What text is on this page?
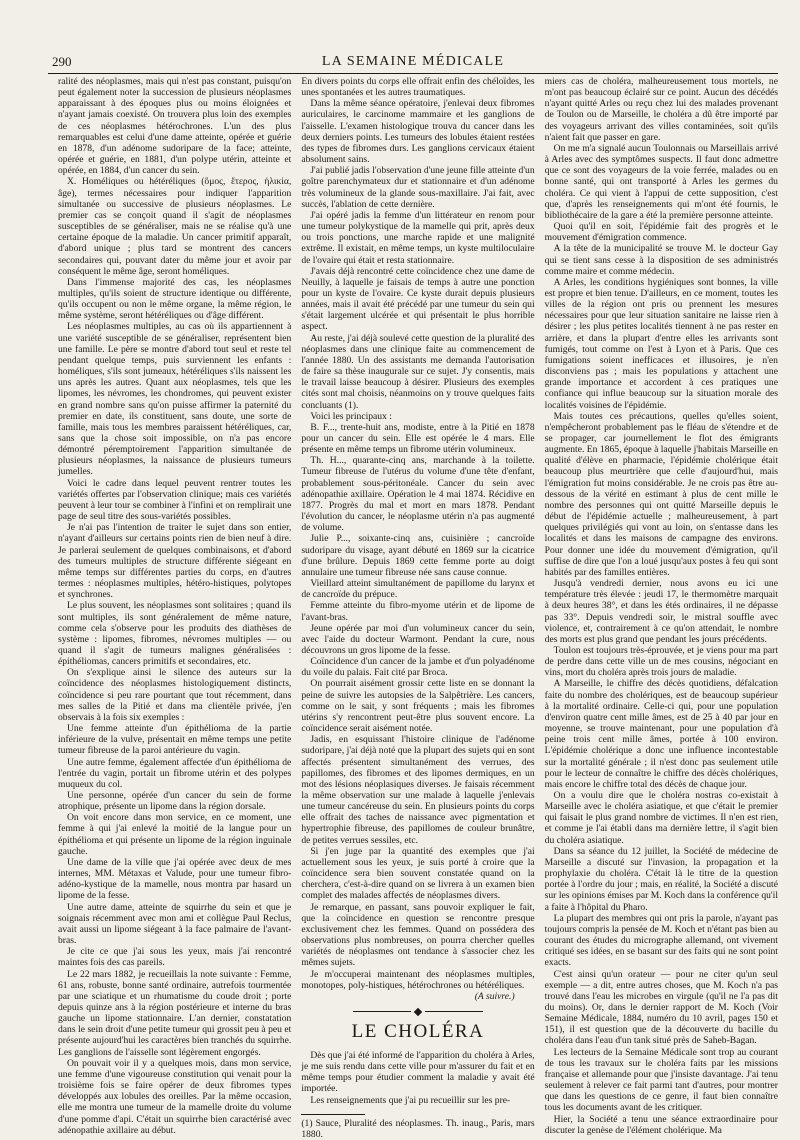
290	LA SEMAINE MÉDICALE

ralité des néoplasmes, mais qui n'est pas constant, puisqu'on peut également noter la succession de plusieurs néoplasmes apparaissant à des époques plus ou moins éloignées et n'ayant jamais coexisté. On trouvera plus loin des exemples de ces néoplasmes hétérochrones. L'un des plus remarquables est celui d'une dame atteinte, opérée et guérie en 1878, d'un adénome sudoripare de la face; atteinte, opérée et guérie, en 1881, d'un polype utérin, atteinte et opérée, en 1884, d'un cancer du sein.

X. Homéliques ou hétéréliques (ὅμος, ἕτερος, ἡλικία, âge), termes nécessaires pour indiquer l'apparition simultanée ou successive de plusieurs néoplasmes. Le premier cas se conçoit quand il s'agit de néoplasmes susceptibles de se généraliser, mais ne se réalise qu'à une certaine époque de la maladie. Un cancer primitif apparaît, d'abord unique ; plus tard se montrent des cancers secondaires qui, pouvant dater du même jour et avoir par conséquent le même âge, seront homéliques.

Dans l'immense majorité des cas, les néoplasmes multiples, qu'ils soient de structure identique ou différente, qu'ils occupent ou non le même organe, la même région, le même système, seront hétéréliques ou d'âge différent.

Les néoplasmes multiples, au cas où ils appartiennent à une variété susceptible de se généraliser, représentent bien une famille. Le père se montre d'abord tout seul et reste tel pendant quelque temps, puis surviennent les enfants : homéliques, s'ils sont jumeaux, hétéréliques s'ils naissent les uns après les autres. Quant aux néoplasmes, tels que les lipomes, les névromes, les chondromes, qui peuvent exister en grand nombre sans qu'on puisse affirmer la paternité du premier en date, ils constituent, sans doute, une sorte de famille, mais tous les membres paraissent hétéréliques, car, sans que la chose soit impossible, on n'a pas encore démontré péremptoirement l'apparition simultanée de plusieurs néoplasmes, la naissance de plusieurs tumeurs jumelles.

Voici le cadre dans lequel peuvent rentrer toutes les variétés offertes par l'observation clinique; mais ces variétés peuvent à leur tour se combiner à l'infini et on remplirait une page de seul titre des sous-variétés possibles.

Je n'ai pas l'intention de traiter le sujet dans son entier, n'ayant d'ailleurs sur certains points rien de bien neuf à dire. Je parlerai seulement de quelques combinaisons, et d'abord des tumeurs multiples de structure différente siégeant en même temps sur différentes parties du corps, en d'autres termes : néoplasmes multiples, hétéro-histiques, polytopes et synchrones.

Le plus souvent, les néoplasmes sont solitaires ; quand ils sont multiples, ils sont généralement de même nature, comme cela s'observe pour les produits des diathèses de système : lipomes, fibromes, névromes multiples — ou quand il s'agit de tumeurs malignes généralisées : épithéliomas, cancers primitifs et secondaires, etc.

On s'explique ainsi le silence des auteurs sur la coïncidence des néoplasmes histologiquement distincts, coïncidence si peu rare pourtant que tout récemment, dans mes salles de la Pitié et dans ma clientèle privée, j'en observais à la fois six exemples :

Une femme atteinte d'un épithélioma de la partie inférieure de la vulve, présentait en même temps une petite tumeur fibreuse de la paroi antérieure du vagin.

Une autre femme, également affectée d'un épithélioma de l'entrée du vagin, portait un fibrome utérin et des polypes muqueux du col.

Une personne, opérée d'un cancer du sein de forme atrophique, présente un lipome dans la région dorsale.

On voit encore dans mon service, en ce moment, une femme à qui j'ai enlevé la moitié de la langue pour un épithélioma et qui présente un lipome de la région inguinale gauche.

Une dame de la ville que j'ai opérée avec deux de mes internes, MM. Métaxas et Valude, pour une tumeur fibro-adéno-kystique de la mamelle, nous montra par hasard un lipome de la fesse.

Une autre dame, atteinte de squirrhe du sein et que je soignais récemment avec mon ami et collègue Paul Reclus, avait aussi un lipome siégeant à la face palmaire de l'avant-bras.

Je cite ce que j'ai sous les yeux, mais j'ai rencontré maintes fois des cas pareils.

Le 22 mars 1882, je recueillais la note suivante : Femme, 61 ans, robuste, bonne santé ordinaire, autrefois tourmentée par une sciatique et un rhumatisme du coude droit ; porte depuis quinze ans à la région postérieure et interne du bras gauche un lipome stationnaire. L'an dernier, constatation dans le sein droit d'une petite tumeur qui grossit peu à peu et présente aujourd'hui les caractères bien tranchés du squirrhe. Les ganglions de l'aisselle sont légèrement engorgés.

On pouvait voir il y a quelques mois, dans mon service, une femme d'une vigoureuse constitution qui venait pour la troisième fois se faire opérer de deux fibromes types développés aux lobules des oreilles. Par la même occasion, elle me montra une tumeur de la mamelle droite du volume d'une pomme d'api. C'était un squirrhe bien caractérisé avec adénopathie axillaire au début.

En divers points du corps elle offrait enfin des chéloïdes, les unes spontanées et les autres traumatiques.

Dans la même séance opératoire, j'enlevai deux fibromes auriculaires, le carcinome mammaire et les ganglions de l'aisselle. L'examen histologique trouva du cancer dans les deux derniers points. Les tumeurs des lobules étaient restées des types de fibromes durs. Les ganglions cervicaux étaient absolument sains.

J'ai publié jadis l'observation d'une jeune fille atteinte d'un goître parenchymateux dur et stationnaire et d'un adénome très volumineux de la glande sous-maxillaire. J'ai fait, avec succès, l'ablation de cette dernière.

J'ai opéré jadis la femme d'un littérateur en renom pour une tumeur polykystique de la mamelle qui prit, après deux ou trois ponctions, une marche rapide et une malignité extrême. Il existait, en même temps, un kyste multiloculaire de l'ovaire qui était et resta stationnaire.

J'avais déjà rencontré cette coïncidence chez une dame de Neuilly, à laquelle je faisais de temps à autre une ponction pour un kyste de l'ovaire. Ce kyste durait depuis plusieurs années, mais il avait été précédé par une tumeur du sein qui s'était largement ulcérée et qui présentait le plus horrible aspect.

Au reste, j'ai déjà soulevé cette question de la pluralité des néoplasmes dans une clinique faite au commencement de l'année 1880. Un des assistants me demanda l'autorisation de faire sa thèse inaugurale sur ce sujet. J'y consentis, mais le travail laisse beaucoup à désirer. Plusieurs des exemples cités sont mal choisis, néanmoins on y trouve quelques faits concluants (1).

Voici les principaux :

B. F..., trente-huit ans, modiste, entre à la Pitié en 1878 pour un cancer du sein. Elle est opérée le 4 mars. Elle présente en même temps un fibrome utérin volumineux.

Th. H..., quarante-cinq ans, marchande à la toilette. Tumeur fibreuse de l'utérus du volume d'une tête d'enfant, probablement sous-péritonéale. Cancer du sein avec adénopathie axillaire. Opération le 4 mai 1874. Récidive en 1877. Progrès du mal et mort en mars 1878. Pendant l'évolution du cancer, le néoplasme utérin n'a pas augmenté de volume.

Julie P..., soixante-cinq ans, cuisinière ; cancroïde sudoripare du visage, ayant débuté en 1869 sur la cicatrice d'une brûlure. Depuis 1869 cette femme porte au doigt annulaire une tumeur fibreuse née sans cause connue.

Vieillard atteint simultanément de papillome du larynx et de cancroïde du prépuce.

Femme atteinte du fibro-myome utérin et de lipome de l'avant-bras.

Jeune opérée par moi d'un volumineux cancer du sein, avec l'aide du docteur Warmont. Pendant la cure, nous découvrons un gros lipome de la fesse.

Coïncidence d'un cancer de la jambe et d'un polyadénome du voile du palais. Fait cité par Broca.

On pourrait aisément grossir cette liste en se donnant la peine de suivre les autopsies de la Salpêtrière. Les cancers, comme on le sait, y sont fréquents ; mais les fibromes utérins s'y rencontrent peut-être plus souvent encore. La coïncidence serait aisément notée.

Jadis, en esquissant l'histoire clinique de l'adénome sudoripare, j'ai déjà noté que la plupart des sujets qui en sont affectés présentent simultanément des verrues, des papillomes, des fibromes et des lipomes dermiques, en un mot des lésions néoplasiques diverses. Je faisais récemment la même observation sur une malade à laquelle j'enlevais une tumeur cancéreuse du sein. En plusieurs points du corps elle offrait des taches de naissance avec pigmentation et hypertrophie fibreuse, des papillomes de couleur brunâtre, de petites verrues sessiles, etc.

Si j'en juge par la quantité des exemples que j'ai actuellement sous les yeux, je suis porté à croire que la coïncidence sera bien souvent constatée quand on la cherchera, c'est-à-dire quand on se livrera à un examen bien complet des malades affectés de néoplasmes divers.

Je remarque, en passant, sans pouvoir expliquer le fait, que la coïncidence en question se rencontre presque exclusivement chez les femmes. Quand on possédera des observations plus nombreuses, on pourra chercher quelles variétés de néoplasmes ont tendance à s'associer chez les mêmes sujets.

Je m'occuperai maintenant des néoplasmes multiples, monotopes, poly-histiques, hétérochrones ou hétéréliques.

(A suivre.)

LE CHOLÉRA

Dès que j'ai été informé de l'apparition du choléra à Arles, je me suis rendu dans cette ville pour m'assurer du fait et en même temps pour étudier comment la maladie y avait été importée.

Les renseignements que j'ai pu recueillir sur les pre-

(1) Sauce, Pluralité des néoplasmes. Th. inaug., Paris, mars 1880.

miers cas de choléra, malheureusement tous mortels, ne m'ont pas beaucoup éclairé sur ce point. Aucun des décédés n'ayant quitté Arles ou reçu chez lui des malades provenant de Toulon ou de Marseille, le choléra a dû être importé par des voyageurs arrivant des villes contaminées, soit qu'ils n'aient fait que passer en gare.

On me m'a signalé aucun Toulonnais ou Marseillais arrivé à Arles avec des symptômes suspects. Il faut donc admettre que ce sont des voyageurs de la voie ferrée, malades ou en bonne santé, qui ont transporté à Arles les germes du choléra. Ce qui vient à l'appui de cette supposition, c'est que, d'après les renseignements qui m'ont été fournis, le bibliothécaire de la gare a été la première personne atteinte.

Quoi qu'il en soit, l'épidémie fait des progrès et le mouvement d'émigration commence.

A la tête de la municipalité se trouve M. le docteur Gay qui se tient sans cesse à la disposition de ses administrés comme maire et comme médecin.

A Arles, les conditions hygiéniques sont bonnes, la ville est propre et bien tenue. D'ailleurs, en ce moment, toutes les villes de la région ont pris ou prennent les mesures nécessaires pour que leur situation sanitaire ne laisse rien à désirer ; les plus petites localités tiennent à ne pas rester en arrière, et dans la plupart d'entre elles les arrivants sont fumigés, tout comme on l'est à Lyon et à Paris. Que ces fumigations soient inefficaces et illusoires, je n'en disconviens pas ; mais les populations y attachent une grande importance et accordent à ces pratiques une confiance qui influe beaucoup sur la situation morale des localités voisines de l'épidémie.

Mais toutes ces précautions, quelles qu'elles soient, n'empêcheront probablement pas le fléau de s'étendre et de se propager, car journellement le flot des émigrants augmente. En 1865, époque à laquelle j'habitais Marseille en qualité d'élève en pharmacie, l'épidémie cholérique était beaucoup plus meurtrière que celle d'aujourd'hui, mais l'émigration fut moins considérable. Je ne crois pas être au-dessous de la vérité en estimant à plus de cent mille le nombre des personnes qui ont quitté Marseille depuis le début de l'épidémie actuelle ; malheureusement, à part quelques privilégiés qui vont au loin, on s'entasse dans les localités et dans les maisons de campagne des environs. Pour donner une idée du mouvement d'émigration, qu'il suffise de dire que l'on a loué jusqu'aux postes à feu qui sont habités par des familles entières.

Jusqu'à vendredi dernier, nous avons eu ici une température très élevée : jeudi 17, le thermomètre marquait à deux heures 38°, et dans les étés ordinaires, il ne dépasse pas 33°. Depuis vendredi soir, le mistral souffle avec violence, et, contrairement à ce qu'on attendait, le nombre des morts est plus grand que pendant les jours précédents.

Toulon est toujours très-éprouvée, et je viens pour ma part de perdre dans cette ville un de mes cousins, négociant en vins, mort du choléra après trois jours de maladie.

A Marseille, le chiffre des décès quotidiens, défalcation faite du nombre des cholériques, est de beaucoup supérieur à la mortalité ordinaire. Celle-ci qui, pour une population d'environ quatre cent mille âmes, est de 25 à 40 par jour en moyenne, se trouve maintenant, pour une population d'à peine trois cent mille âmes, portée à 100 environ. L'épidémie cholérique a donc une influence incontestable sur la mortalité générale ; il n'est donc pas seulement utile pour le lecteur de connaître le chiffre des décès cholériques, mais encore le chiffre total des décès de chaque jour.

On a voulu dire que le choléra nostras co-existait à Marseille avec le choléra asiatique, et que c'était le premier qui faisait le plus grand nombre de victimes. Il n'en est rien, et comme je l'ai établi dans ma dernière lettre, il s'agit bien du choléra asiatique.

Dans sa séance du 12 juillet, la Société de médecine de Marseille a discuté sur l'invasion, la propagation et la prophylaxie du choléra. C'était là le titre de la question portée à l'ordre du jour ; mais, en réalité, la Société a discuté sur les opinions émises par M. Koch dans la conférence qu'il a faite à l'hôpital du Pharo.

La plupart des membres qui ont pris la parole, n'ayant pas toujours compris la pensée de M. Koch et n'étant pas bien au courant des études du micrographe allemand, ont vivement critiqué ses idées, en se basant sur des faits qui ne sont point exacts.

C'est ainsi qu'un orateur — pour ne citer qu'un seul exemple — a dit, entre autres choses, que M. Koch n'a pas trouvé dans l'eau les microbes en virgule (qu'il ne l'a pas dit du moins). Or, dans le dernier rapport de M. Koch (Voir Semaine Médicale, 1884, numéro du 10 avril, pages 150 et 151), il est question que de la découverte du bacille du choléra dans l'eau d'un tank situé près de Saheb-Bagan.

Les lecteurs de la Semaine Médicale sont trop au courant de tous les travaux sur le choléra faits par les missions française et allemande pour que j'insiste davantage. J'ai tenu seulement à relever ce fait parmi tant d'autres, pour montrer que dans les questions de ce genre, il faut bien connaître tous les documents avant de les critiquer.

Hier, la Société a tenu une séance extraordinaire pour discuter la genèse de l'élément cholérique. Ma
